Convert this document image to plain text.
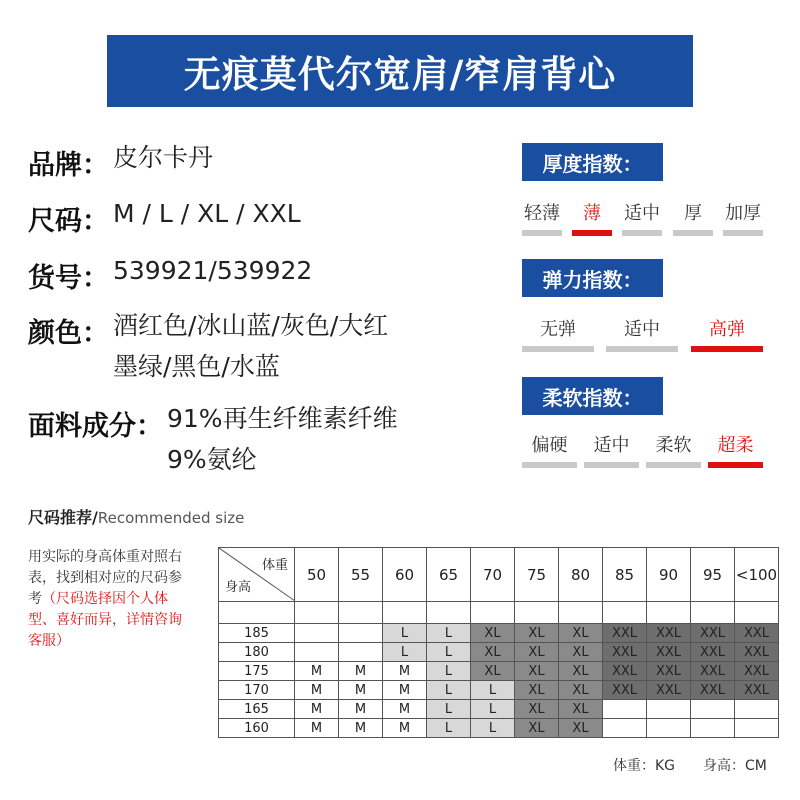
无痕莫代尔宽肩/窄肩背心
品牌： 皮尔卡丹
尺码： M / L / XL / XXL
货号： 539921/539922
颜色： 酒红色/冰山蓝/灰色/大红
墨绿/黑色/水蓝
面料成分： 91%再生纤维素纤维
9%氨纶
厚度指数：
轻薄	薄	适中	厚	加厚
弹力指数：
无弹	适中	高弹
柔软指数：
偏硬	适中	柔软	超柔
尺码推荐/Recommended size
用实际的身高体重对照右表，找到相对应的尺码参考（尺码选择因个人体型、喜好而异，详情咨询客服）
体重
身高	50	55	60	65	70	75	80	85	90	95	<100

185			L	L	XL	XL	XL	XXL	XXL	XXL	XXL
180			L	L	XL	XL	XL	XXL	XXL	XXL	XXL
175	M	M	M	L	XL	XL	XL	XXL	XXL	XXL	XXL
170	M	M	M	L	L	XL	XL	XXL	XXL	XXL	XXL
165	M	M	M	L	L	XL	XL				
160	M	M	M	L	L	XL	XL				
体重：KG 身高：CM
